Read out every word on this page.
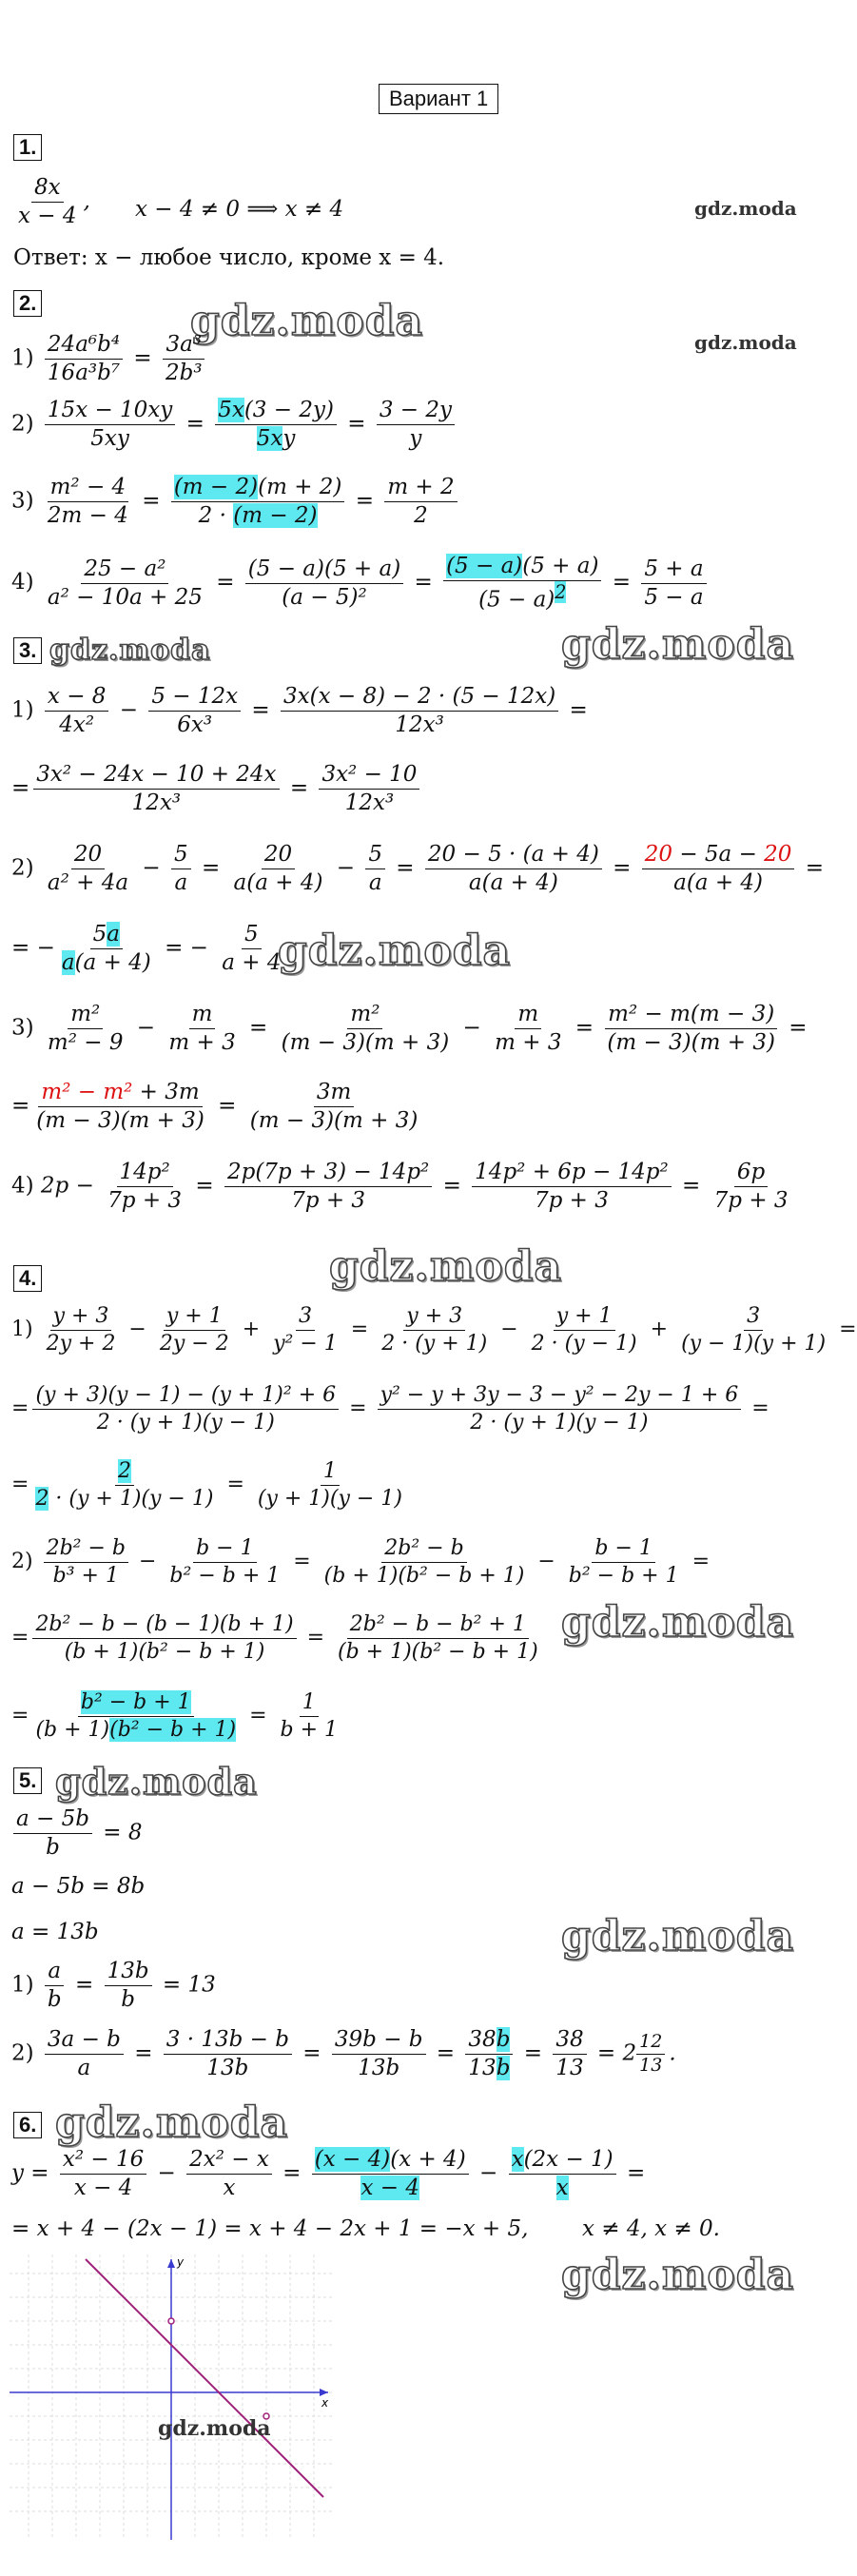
Вариант 1
1.
$\frac{8x}{x - 4}$ , x − 4 ≠ 0 ⟹ x ≠ 4
Ответ: x − любое число, кроме x = 4.
gdz.moda
2.	gdz.moda	gdz.moda
$1) \frac{\text{24a⁶b⁴}}{\text{16a³b⁷}} = \frac{\text{3a³}}{\text{2b³}}$
$2) \frac{15x - 10xy}{5xy} = \frac{5x(3 - 2y)}{5xy} = \frac{3 - 2y}{y}$
$3) \frac{\text{m² − 4}}{2m - 4} = \frac{(m - 2)(m + 2)}{2 \cdot (m - 2)} = \frac{m + 2}{2}$
$4) \frac{\text{25 − a²}}{\text{a² − 10a + 25}} = \frac{(5 - a)(5 + a)}{\text{(a − 5)²}} = \frac{(5 - a)(5 + a)}{(5 - a)^2} = \frac{5 + a}{5 - a}$
3. gdz.moda	gdz.moda
$1) \frac{x - 8}{\text{4x²}} - \frac{5 - 12x}{\text{6x³}} = \frac{3x(x - 8) - 2 \cdot (5 - 12x)}{\text{12x³}}$ =
= $\frac{\text{3x² − 24x − 10 + 24x}}{\text{12x³}} = \frac{\text{3x² − 10}}{\text{12x³}}$
$2) \frac{20}{\text{a² + 4a}} - \frac{5}{a} = \frac{20}{a(a + 4)} - \frac{5}{a} = \frac{20 - 5 \cdot (a + 4)}{a(a + 4)} = \frac{20 - 5a - 20}{a(a + 4)}$ =
= − $\frac{5a}{a(a + 4)}$ = − $\frac{5}{a + 4}$
gdz.moda
$3) \frac{\text{m²}}{\text{m² − 9}} - \frac{m}{m + 3} = \frac{\text{m²}}{(m - 3)(m + 3)} - \frac{m}{m + 3} = \frac{\text{m² − m(m − 3)}}{(m - 3)(m + 3)}$ =
= $\frac{\text{m² − m² + 3m}}{(m - 3)(m + 3)} = \frac{3m}{(m - 3)(m + 3)}$
4) $2p - \frac{\text{14p²}}{7p + 3} = \frac{\text{2p(7p + 3) − 14p²}}{7p + 3} = \frac{\text{14p² + 6p − 14p²}}{7p + 3} = \frac{6p}{7p + 3}$
4.	gdz.moda
$1) \frac{y + 3}{2y + 2} - \frac{y + 1}{2y - 2} + \frac{3}{\text{y² − 1}} = \frac{y + 3}{2 \cdot (y + 1)} - \frac{y + 1}{2 \cdot (y - 1)} + \frac{3}{(y - 1)(y + 1)}$ =
= $\frac{\text{(y + 3)(y − 1) − (y + 1)² + 6}}{2 \cdot (y + 1)(y - 1)} = \frac{\text{y² − y + 3y − 3 − y² − 2y − 1 + 6}}{2 \cdot (y + 1)(y - 1)}$ =
= $\frac{2}{2 \cdot (y + 1)(y - 1)} = \frac{1}{(y + 1)(y - 1)}$
$2) \frac{\text{2b² − b}}{\text{b³ + 1}} - \frac{b - 1}{\text{b² − b + 1}} = \frac{\text{2b² − b}}{\text{(b + 1)(b² − b + 1)}} - \frac{b - 1}{\text{b² − b + 1}}$ =
= $\frac{\text{2b² − b − (b − 1)(b + 1)}}{\text{(b + 1)(b² − b + 1)}} = \frac{\text{2b² − b − b² + 1}}{\text{(b + 1)(b² − b + 1)}}$ gdz.moda
= $\frac{\text{b² − b + 1}}{\text{(b + 1)(b² − b + 1)}} = \frac{1}{b + 1}$
5. gdz.moda
$\frac{a - 5b}{b} = 8$
a − 5b = 8b
a = 13b	gdz.moda
$1) \frac{a}{b} = \frac{13b}{b} = 13$
$2) \frac{3a - b}{a} = \frac{3 \cdot 13b - b}{13b} = \frac{39b - b}{13b} = \frac{38b}{13b} = \frac{38}{13} = 2 \frac{12}{13}$ .
6. gdz.moda
$y = \frac{\text{x² − 16}}{x - 4} - \frac{\text{2x² − x}}{x} = \frac{(x - 4)(x + 4)}{x - 4} - \frac{x(2x - 1)}{x}$ =
= x + 4 − (2x − 1) = x + 4 − 2x + 1 = −x + 5, x ≠ 4, x ≠ 0.
gdz.moda
x
y
gdz.moda
